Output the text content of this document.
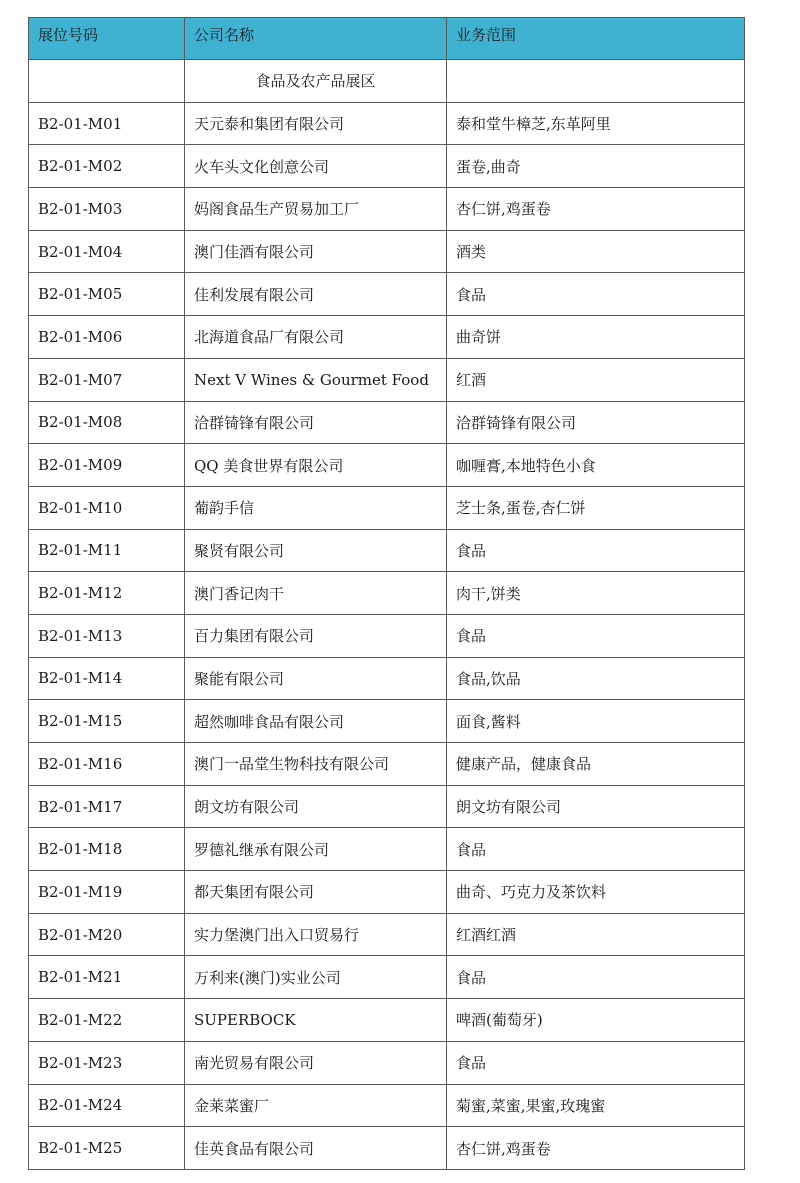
展位号码	公司名称	业务范围
	食品及农产品展区	
B2-01-M01	天元泰和集团有限公司	泰和堂牛樟芝,东革阿里
B2-01-M02	火车头文化创意公司	蛋卷,曲奇
B2-01-M03	妈阁食品生产贸易加工厂	杏仁饼,鸡蛋卷
B2-01-M04	澳门佳酒有限公司	酒类
B2-01-M05	佳利发展有限公司	食品
B2-01-M06	北海道食品厂有限公司	曲奇饼
B2-01-M07	Next V Wines & Gourmet Food	红酒
B2-01-M08	洽群锜锋有限公司	洽群锜锋有限公司
B2-01-M09	QQ 美食世界有限公司	咖喱膏,本地特色小食
B2-01-M10	葡韵手信	芝士条,蛋卷,杏仁饼
B2-01-M11	聚贤有限公司	食品
B2-01-M12	澳门香记肉干	肉干,饼类
B2-01-M13	百力集团有限公司	食品
B2-01-M14	聚能有限公司	食品,饮品
B2-01-M15	超然咖啡食品有限公司	面食,酱料
B2-01-M16	澳门一品堂生物科技有限公司	健康产品，健康食品
B2-01-M17	朗文坊有限公司	朗文坊有限公司
B2-01-M18	罗德礼继承有限公司	食品
B2-01-M19	都天集团有限公司	曲奇、巧克力及茶饮料
B2-01-M20	实力堡澳门出入口贸易行	红酒红酒
B2-01-M21	万利来(澳门)实业公司	食品
B2-01-M22	SUPERBOCK	啤酒(葡萄牙)
B2-01-M23	南光贸易有限公司	食品
B2-01-M24	金莱菜蜜厂	菊蜜,菜蜜,果蜜,玫瑰蜜
B2-01-M25	佳英食品有限公司	杏仁饼,鸡蛋卷
